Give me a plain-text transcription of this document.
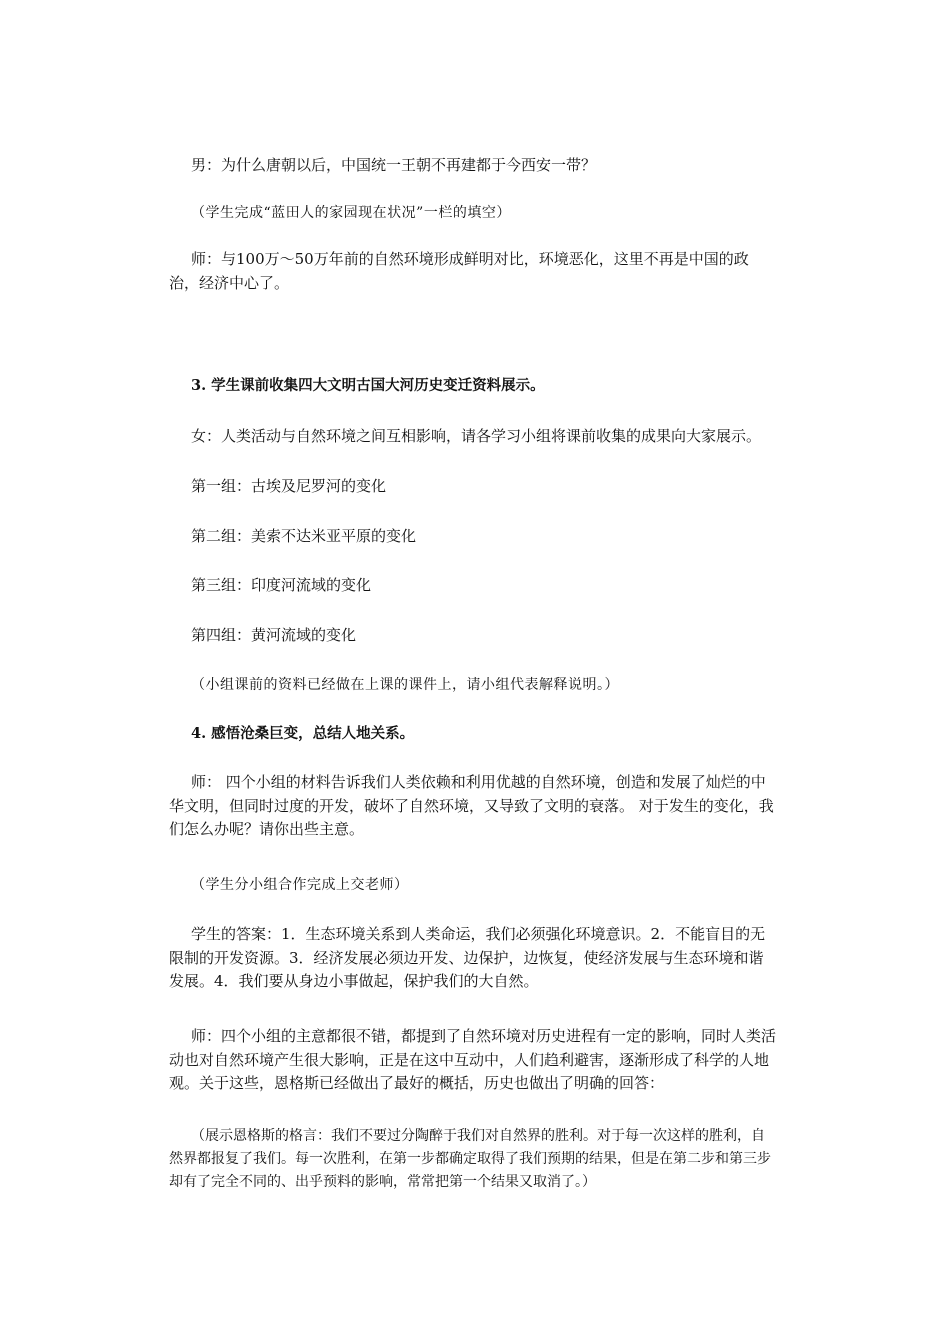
男：为什么唐朝以后，中国统一王朝不再建都于今西安一带？

（学生完成“蓝田人的家园现在状况”一栏的填空）

师：与100万～50万年前的自然环境形成鲜明对比，环境恶化，这里不再是中国的政治，经济中心了。

3. 学生课前收集四大文明古国大河历史变迁资料展示。

女：人类活动与自然环境之间互相影响，请各学习小组将课前收集的成果向大家展示。

第一组：古埃及尼罗河的变化

第二组：美索不达米亚平原的变化

第三组：印度河流域的变化

第四组：黄河流域的变化

（小组课前的资料已经做在上课的课件上，请小组代表解释说明。）

4. 感悟沧桑巨变，总结人地关系。

师： 四个小组的材料告诉我们人类依赖和利用优越的自然环境，创造和发展了灿烂的中华文明，但同时过度的开发，破坏了自然环境，又导致了文明的衰落。 对于发生的变化，我们怎么办呢？请你出些主意。

（学生分小组合作完成上交老师）

学生的答案：1．生态环境关系到人类命运，我们必须强化环境意识。2．不能盲目的无限制的开发资源。3．经济发展必须边开发、边保护，边恢复，使经济发展与生态环境和谐发展。4．我们要从身边小事做起，保护我们的大自然。

师：四个小组的主意都很不错，都提到了自然环境对历史进程有一定的影响，同时人类活动也对自然环境产生很大影响，正是在这中互动中，人们趋利避害，逐渐形成了科学的人地观。关于这些，恩格斯已经做出了最好的概括，历史也做出了明确的回答：

（展示恩格斯的格言：我们不要过分陶醉于我们对自然界的胜利。对于每一次这样的胜利，自然界都报复了我们。每一次胜利，在第一步都确定取得了我们预期的结果，但是在第二步和第三步却有了完全不同的、出乎预料的影响，常常把第一个结果又取消了。）
